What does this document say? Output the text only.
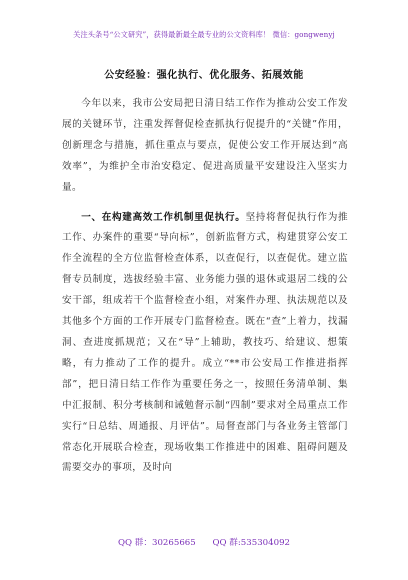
关注头条号“公文研究”，获得最新最全最专业的公文资料库！ 微信：gongwenyj
公安经验：强化执行、优化服务、拓展效能

今年以来，我市公安局把日清日结工作作为推动公安工作发展的关键环节，注重发挥督促检查抓执行促提升的“关键”作用，创新理念与措施，抓住重点与要点，促使公安工作开展达到“高效率”，为维护全市治安稳定、促进高质量平安建设注入坚实力量。

一、在构建高效工作机制里促执行。坚持将督促执行作为推工作、办案件的重要“导向标”，创新监督方式，构建贯穿公安工作全流程的全方位监督检查体系，以查促行，以查促优。建立监督专员制度，选拔经验丰富、业务能力强的退休或退居二线的公安干部，组成若干个监督检查小组，对案件办理、执法规范以及其他多个方面的工作开展专门监督检查。既在“查”上着力，找漏洞、查进度抓规范；又在“导”上辅助，教技巧、给建议、想策略，有力推动了工作的提升。成立“**市公安局工作推进指挥部”，把日清日结工作作为重要任务之一，按照任务清单制、集中汇报制、积分考核制和诫勉督示制“四制”要求对全局重点工作实行“日总结、周通报、月评估”。局督查部门与各业务主管部门常态化开展联合检查，现场收集工作推进中的困难、阻碍问题及需要交办的事项，及时向

QQ 群：30265665 QQ 群:535304092
